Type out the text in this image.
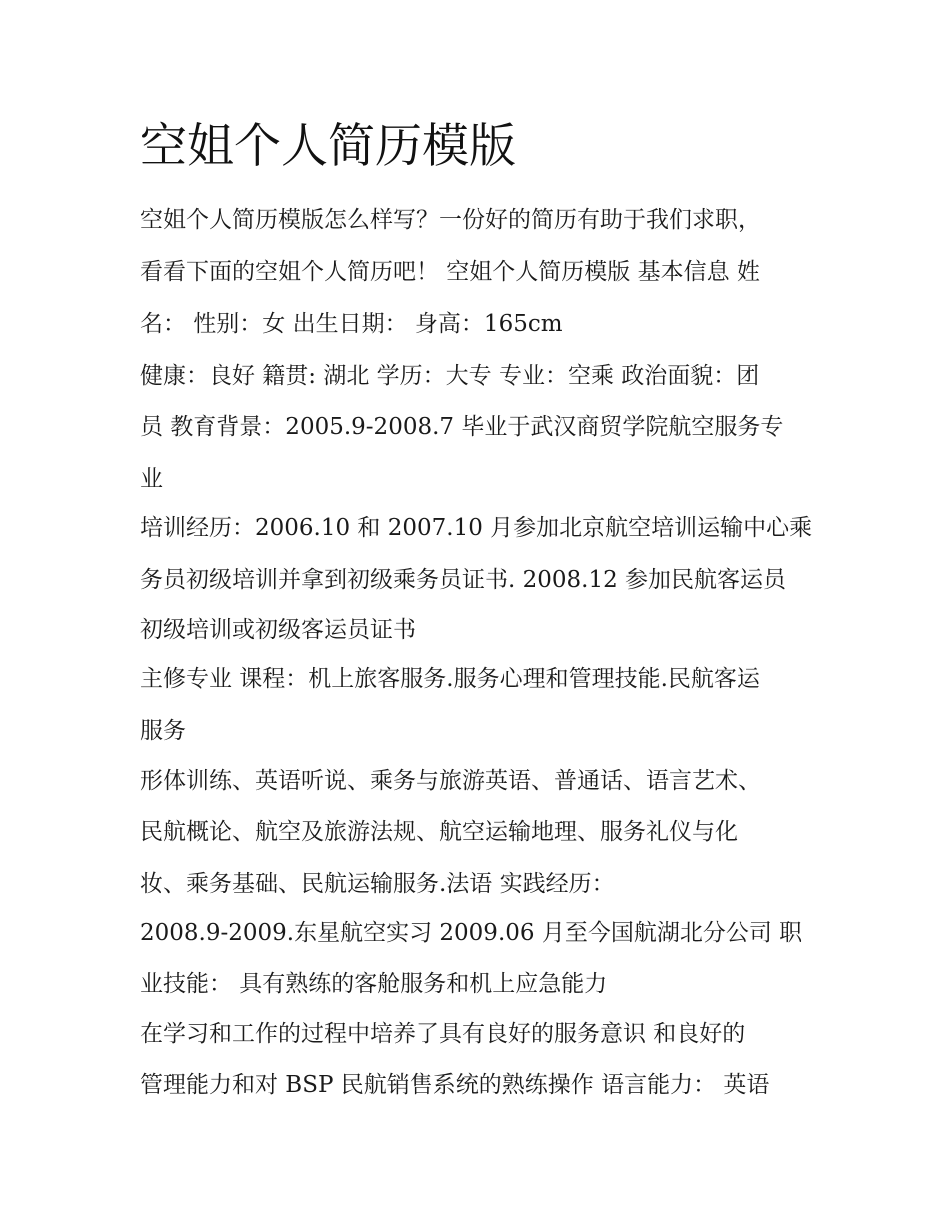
空姐个人简历模版

空姐个人简历模版怎么样写？一份好的简历有助于我们求职，

看看下面的空姐个人简历吧！ 空姐个人简历模版 基本信息 姓

名： 性别：女 出生日期： 身高：165cm

健康：良好 籍贯: 湖北 学历：大专 专业：空乘 政治面貌：团

员 教育背景：2005.9-2008.7 毕业于武汉商贸学院航空服务专

业

培训经历：2006.10 和 2007.10 月参加北京航空培训运输中心乘

务员初级培训并拿到初级乘务员证书. 2008.12 参加民航客运员

初级培训或初级客运员证书

主修专业 课程：机上旅客服务.服务心理和管理技能.民航客运

服务

形体训练、英语听说、乘务与旅游英语、普通话、语言艺术、

民航概论、航空及旅游法规、航空运输地理、服务礼仪与化

妆、乘务基础、民航运输服务.法语 实践经历：

2008.9-2009.东星航空实习 2009.06 月至今国航湖北分公司 职

业技能： 具有熟练的客舱服务和机上应急能力

在学习和工作的过程中培养了具有良好的服务意识 和良好的

管理能力和对 BSP 民航销售系统的熟练操作 语言能力： 英语
